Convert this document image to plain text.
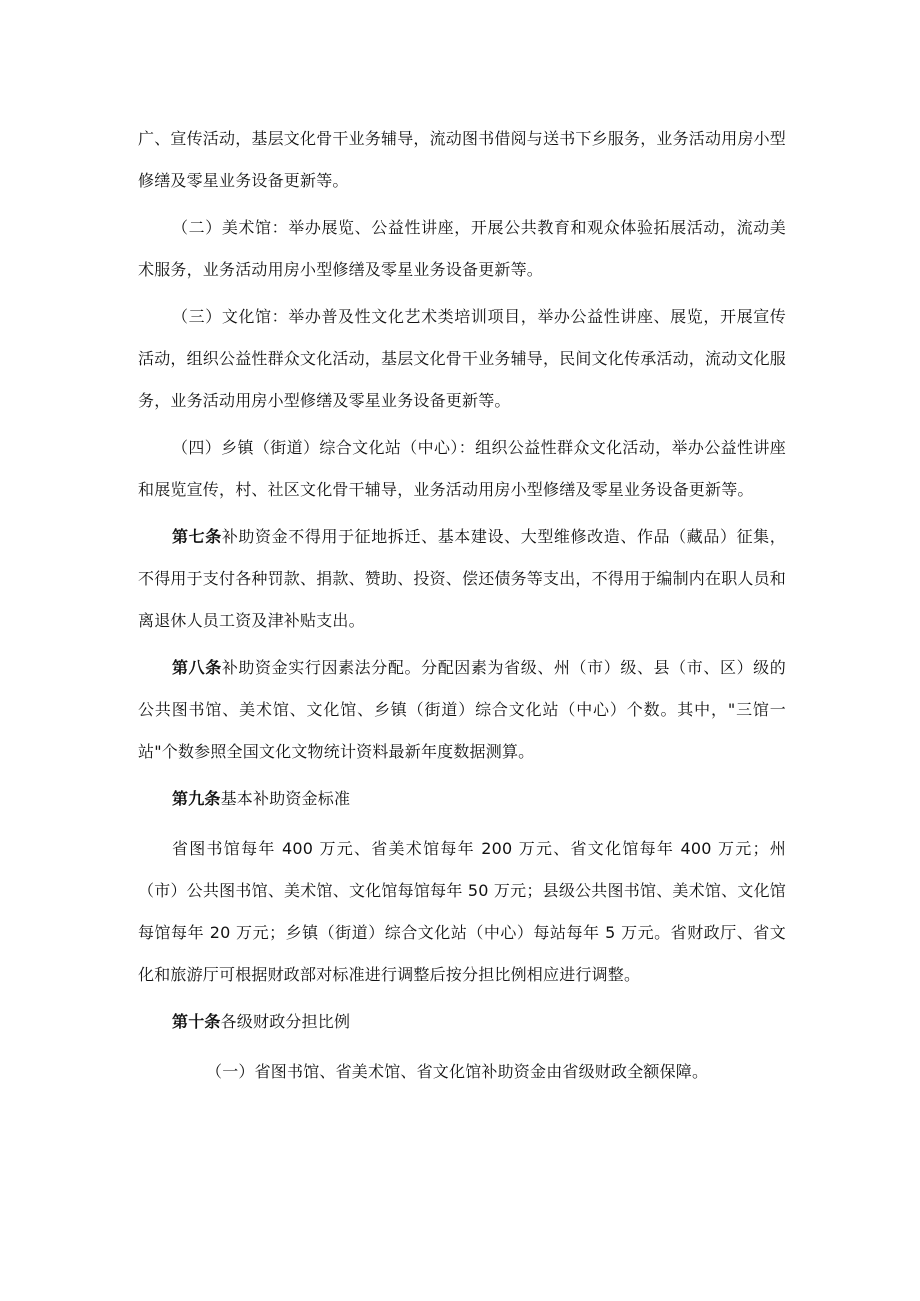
广、宣传活动，基层文化骨干业务辅导，流动图书借阅与送书下乡服务，业务活动用房小型修缮及零星业务设备更新等。

（二）美术馆：举办展览、公益性讲座，开展公共教育和观众体验拓展活动，流动美术服务，业务活动用房小型修缮及零星业务设备更新等。

（三）文化馆：举办普及性文化艺术类培训项目，举办公益性讲座、展览，开展宣传活动，组织公益性群众文化活动，基层文化骨干业务辅导，民间文化传承活动，流动文化服务，业务活动用房小型修缮及零星业务设备更新等。

（四）乡镇（街道）综合文化站（中心）：组织公益性群众文化活动，举办公益性讲座和展览宣传，村、社区文化骨干辅导，业务活动用房小型修缮及零星业务设备更新等。

第七条补助资金不得用于征地拆迁、基本建设、大型维修改造、作品（藏品）征集，不得用于支付各种罚款、捐款、赞助、投资、偿还债务等支出，不得用于编制内在职人员和离退休人员工资及津补贴支出。

第八条补助资金实行因素法分配。分配因素为省级、州（市）级、县（市、区）级的公共图书馆、美术馆、文化馆、乡镇（街道）综合文化站（中心）个数。其中，"三馆一站"个数参照全国文化文物统计资料最新年度数据测算。

第九条基本补助资金标准

省图书馆每年 400 万元、省美术馆每年 200 万元、省文化馆每年 400 万元；州（市）公共图书馆、美术馆、文化馆每馆每年 50 万元；县级公共图书馆、美术馆、文化馆每馆每年 20 万元；乡镇（街道）综合文化站（中心）每站每年 5 万元。省财政厅、省文化和旅游厅可根据财政部对标准进行调整后按分担比例相应进行调整。

第十条各级财政分担比例

（一）省图书馆、省美术馆、省文化馆补助资金由省级财政全额保障。
